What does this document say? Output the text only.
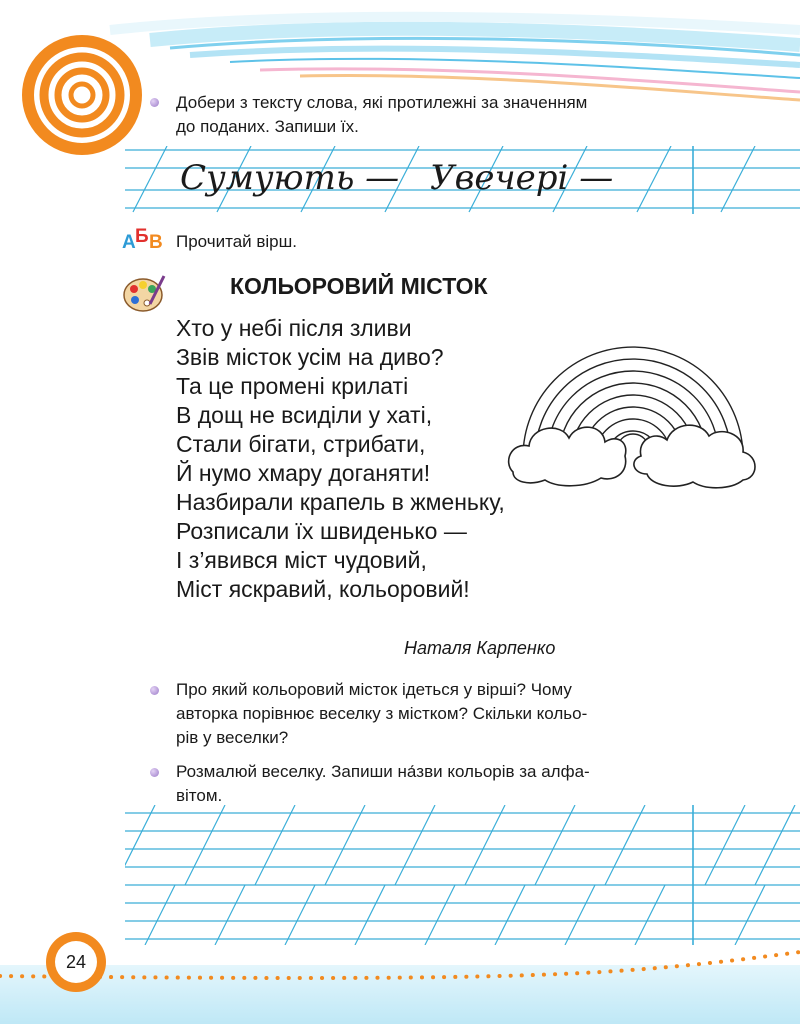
Добери з тексту слова, які протилежні за значенням
до поданих. Запиши їх.
Сумують — Увечері —
А Б В Прочитай вірш.
КОЛЬОРОВИЙ МІСТОК
Хто у небі після зливи
Звів місток усім на диво?
Та це промені крилаті
В дощ не всиділи у хаті,
Стали бігати, стрибати,
Й нумо хмару доганяти!
Назбирали крапель в жменьку,
Розписали їх швиденько —
І з’явився міст чудовий,
Міст яскравий, кольоровий!
Наталя Карпенко
Про який кольоровий місток ідеться у вірші? Чому
авторка порівнює веселку з містком? Скільки кольо-
рів у веселки?
Розмалюй веселку. Запиши на́зви кольорів за алфа-
вітом.
24
